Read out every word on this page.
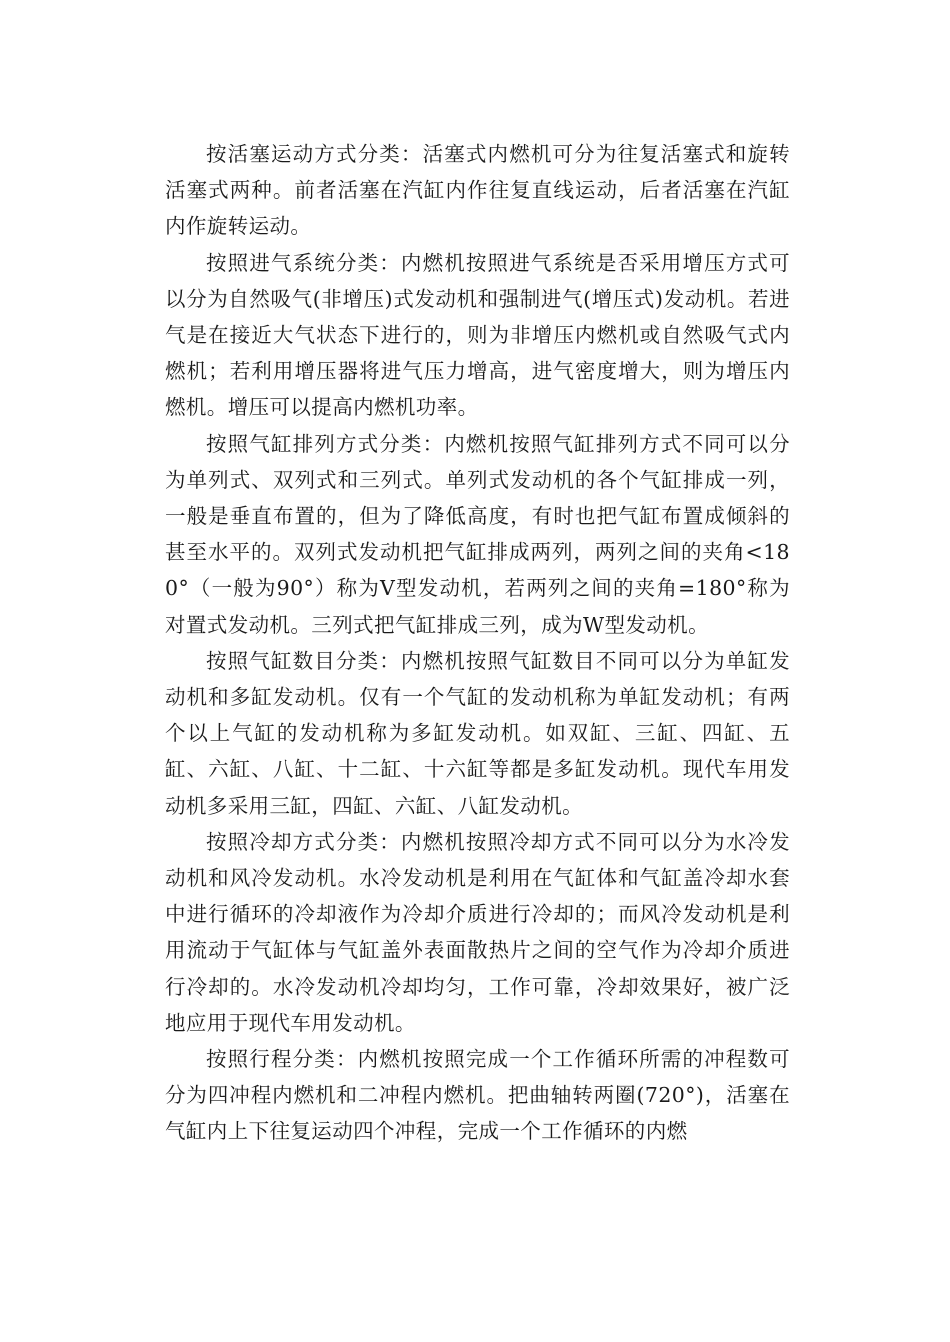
按活塞运动方式分类：活塞式内燃机可分为往复活塞式和旋转活塞式两种。前者活塞在汽缸内作往复直线运动，后者活塞在汽缸内作旋转运动。

按照进气系统分类：内燃机按照进气系统是否采用增压方式可以分为自然吸气(非增压)式发动机和强制进气(增压式)发动机。若进气是在接近大气状态下进行的，则为非增压内燃机或自然吸气式内燃机；若利用增压器将进气压力增高，进气密度增大，则为增压内燃机。增压可以提高内燃机功率。

按照气缸排列方式分类：内燃机按照气缸排列方式不同可以分为单列式、双列式和三列式。单列式发动机的各个气缸排成一列，一般是垂直布置的，但为了降低高度，有时也把气缸布置成倾斜的甚至水平的。双列式发动机把气缸排成两列，两列之间的夹角<180°（一般为90°）称为V型发动机，若两列之间的夹角=180°称为对置式发动机。三列式把气缸排成三列，成为W型发动机。

按照气缸数目分类：内燃机按照气缸数目不同可以分为单缸发动机和多缸发动机。仅有一个气缸的发动机称为单缸发动机；有两个以上气缸的发动机称为多缸发动机。如双缸、三缸、四缸、五缸、六缸、八缸、十二缸、十六缸等都是多缸发动机。现代车用发动机多采用三缸，四缸、六缸、八缸发动机。

按照冷却方式分类：内燃机按照冷却方式不同可以分为水冷发动机和风冷发动机。水冷发动机是利用在气缸体和气缸盖冷却水套中进行循环的冷却液作为冷却介质进行冷却的；而风冷发动机是利用流动于气缸体与气缸盖外表面散热片之间的空气作为冷却介质进行冷却的。水冷发动机冷却均匀，工作可靠，冷却效果好，被广泛地应用于现代车用发动机。

按照行程分类：内燃机按照完成一个工作循环所需的冲程数可分为四冲程内燃机和二冲程内燃机。把曲轴转两圈(720°)，活塞在气缸内上下往复运动四个冲程，完成一个工作循环的内燃
